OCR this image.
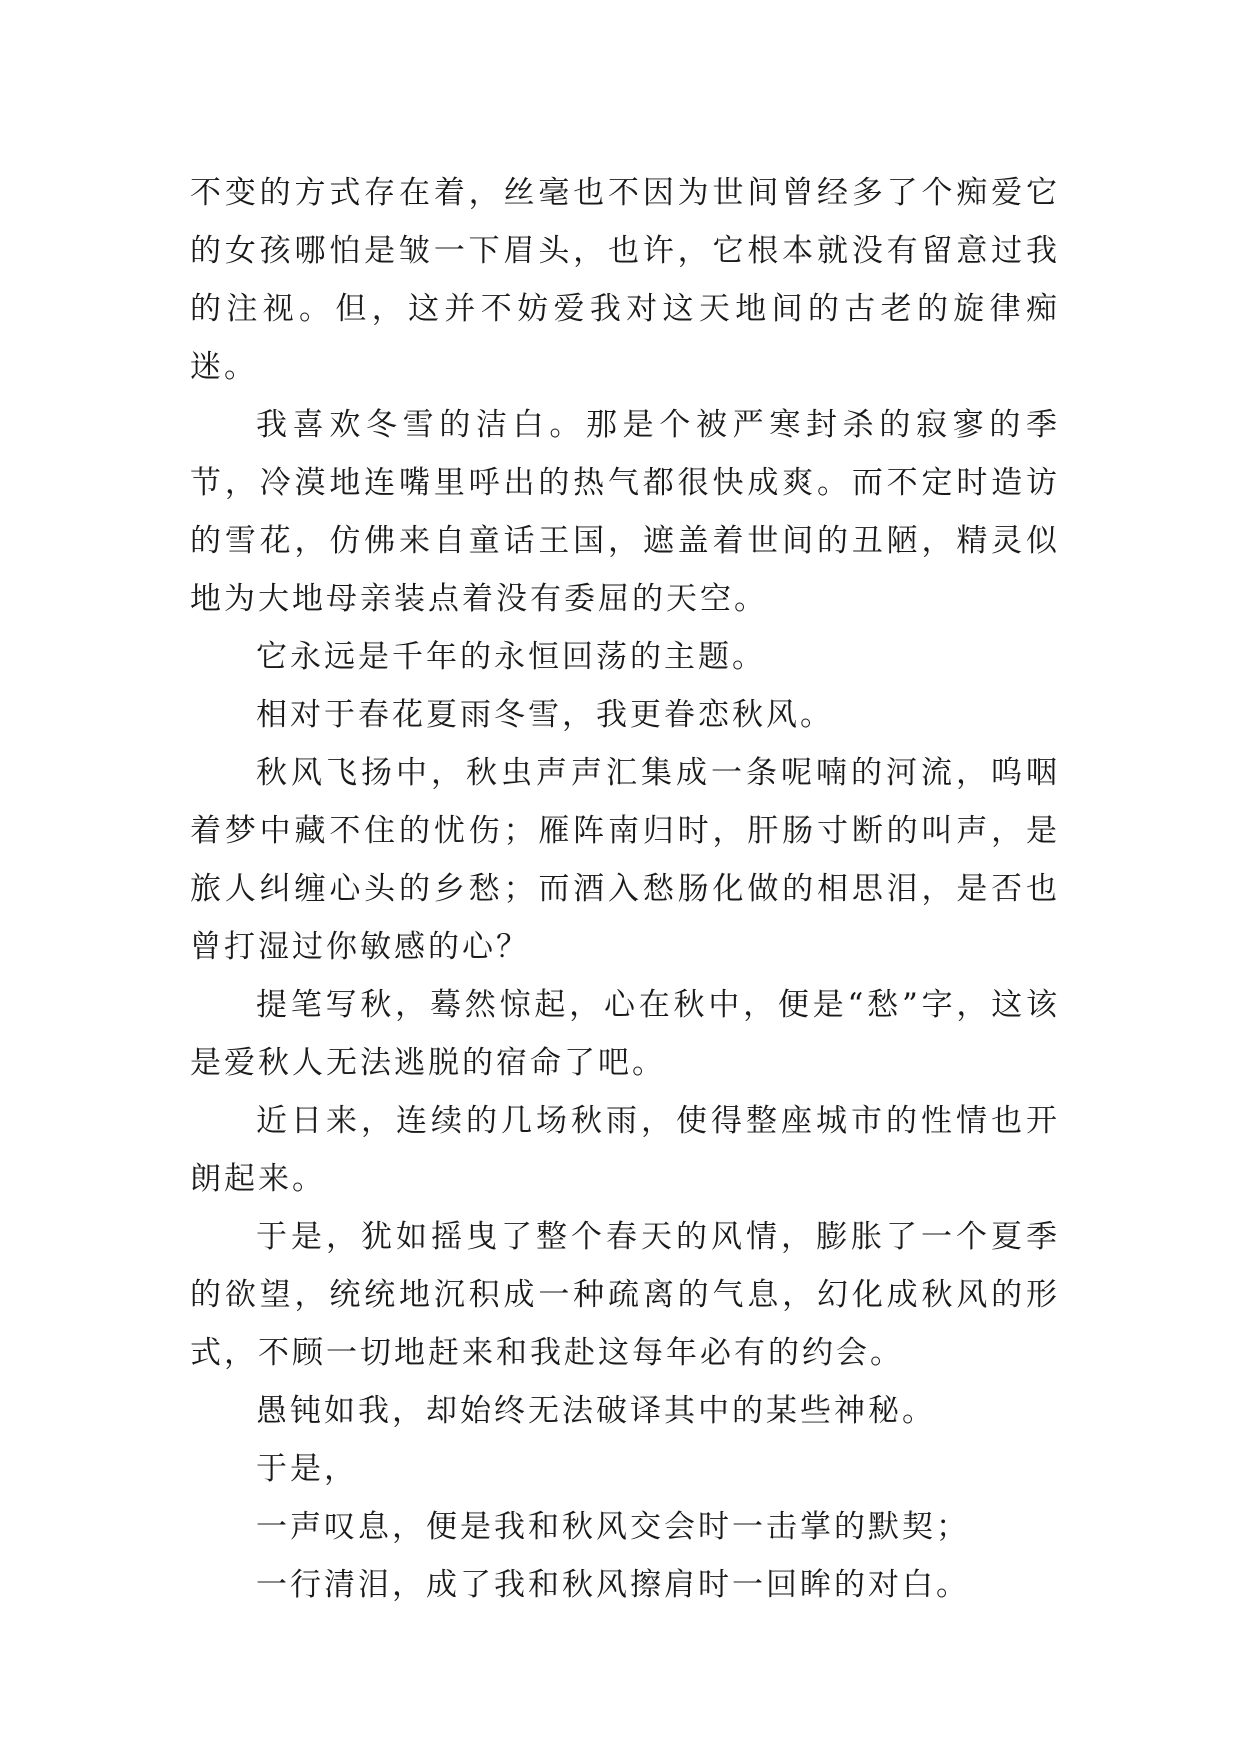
不变的方式存在着，丝毫也不因为世间曾经多了个痴爱它的女孩哪怕是皱一下眉头，也许，它根本就没有留意过我的注视。但，这并不妨爱我对这天地间的古老的旋律痴迷。

我喜欢冬雪的洁白。那是个被严寒封杀的寂寥的季节，冷漠地连嘴里呼出的热气都很快成爽。而不定时造访的雪花，仿佛来自童话王国，遮盖着世间的丑陋，精灵似地为大地母亲装点着没有委屈的天空。

它永远是千年的永恒回荡的主题。

相对于春花夏雨冬雪，我更眷恋秋风。

秋风飞扬中，秋虫声声汇集成一条呢喃的河流，呜咽着梦中藏不住的忧伤；雁阵南归时，肝肠寸断的叫声，是旅人纠缠心头的乡愁；而酒入愁肠化做的相思泪，是否也曾打湿过你敏感的心？

提笔写秋，蓦然惊起，心在秋中，便是“愁”字，这该是爱秋人无法逃脱的宿命了吧。

近日来，连续的几场秋雨，使得整座城市的性情也开朗起来。

于是，犹如摇曳了整个春天的风情，膨胀了一个夏季的欲望，统统地沉积成一种疏离的气息，幻化成秋风的形式，不顾一切地赶来和我赴这每年必有的约会。

愚钝如我，却始终无法破译其中的某些神秘。

于是，

一声叹息，便是我和秋风交会时一击掌的默契；

一行清泪，成了我和秋风擦肩时一回眸的对白。
